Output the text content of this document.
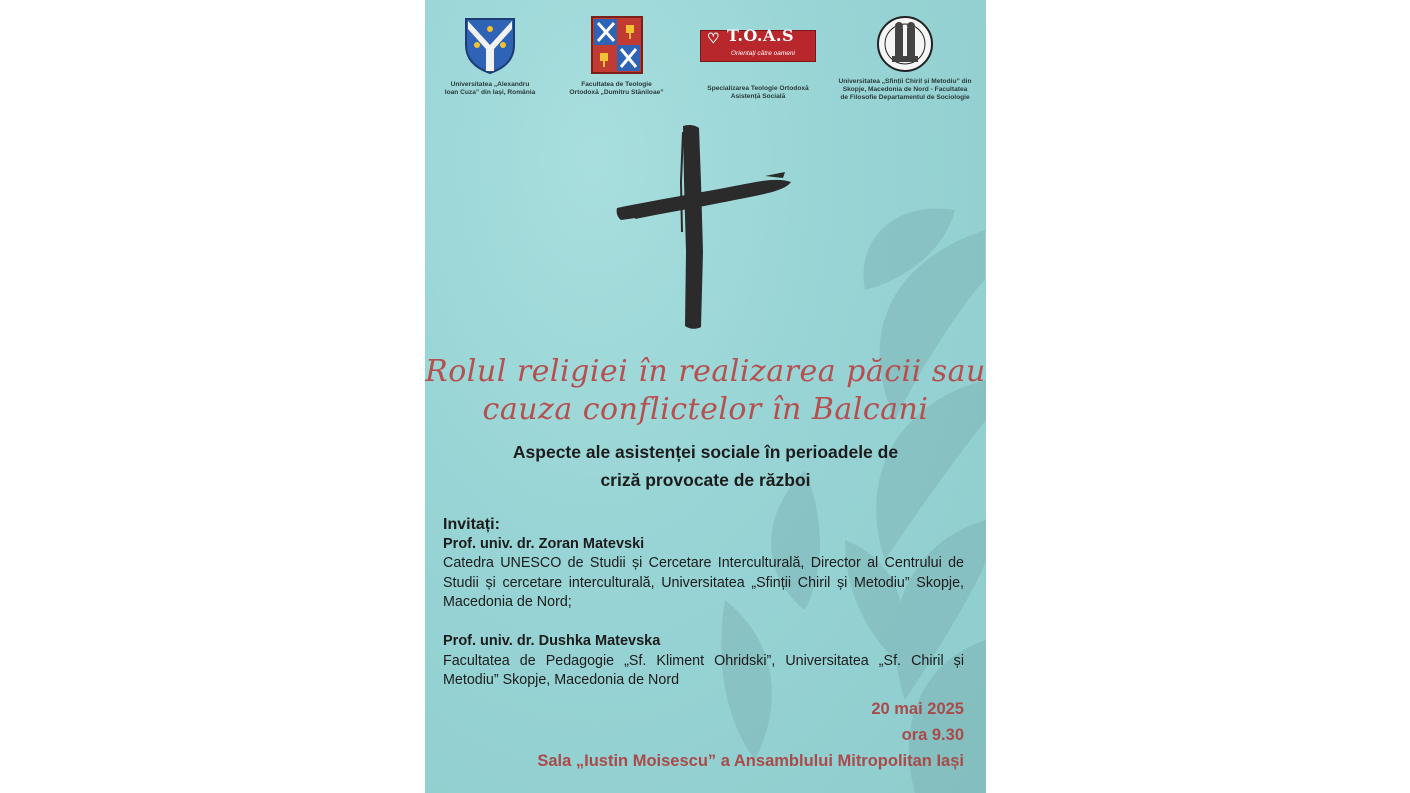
Universitatea „Alexandru
Ioan Cuza” din Iași, România
Facultatea de Teologie
Ortodoxă „Dumitru Stăniloae”
♡ T.O.A.S
Orientați către oameni
Specializarea Teologie Ortodoxă
Asistență Socială
Universitatea „Sfinții Chiril și Metodiu” din
Skopje, Macedonia de Nord - Facultatea
de Filosofie Departamentul de Sociologie
Rolul religiei în realizarea păcii sau
cauza conflictelor în Balcani
Aspecte ale asistenței sociale în perioadele de
criză provocate de război
Invitați:
Prof. univ. dr. Zoran Matevski
Catedra UNESCO de Studii și Cercetare Interculturală, Director al Centrului de Studii și cercetare interculturală, Universitatea „Sfinții Chiril și Metodiu” Skopje, Macedonia de Nord;
Prof. univ. dr. Dushka Matevska
Facultatea de Pedagogie „Sf. Kliment Ohridski”, Universitatea „Sf. Chiril și Metodiu” Skopje, Macedonia de Nord
20 mai 2025
ora 9.30
Sala „Iustin Moisescu” a Ansamblului Mitropolitan Iași
